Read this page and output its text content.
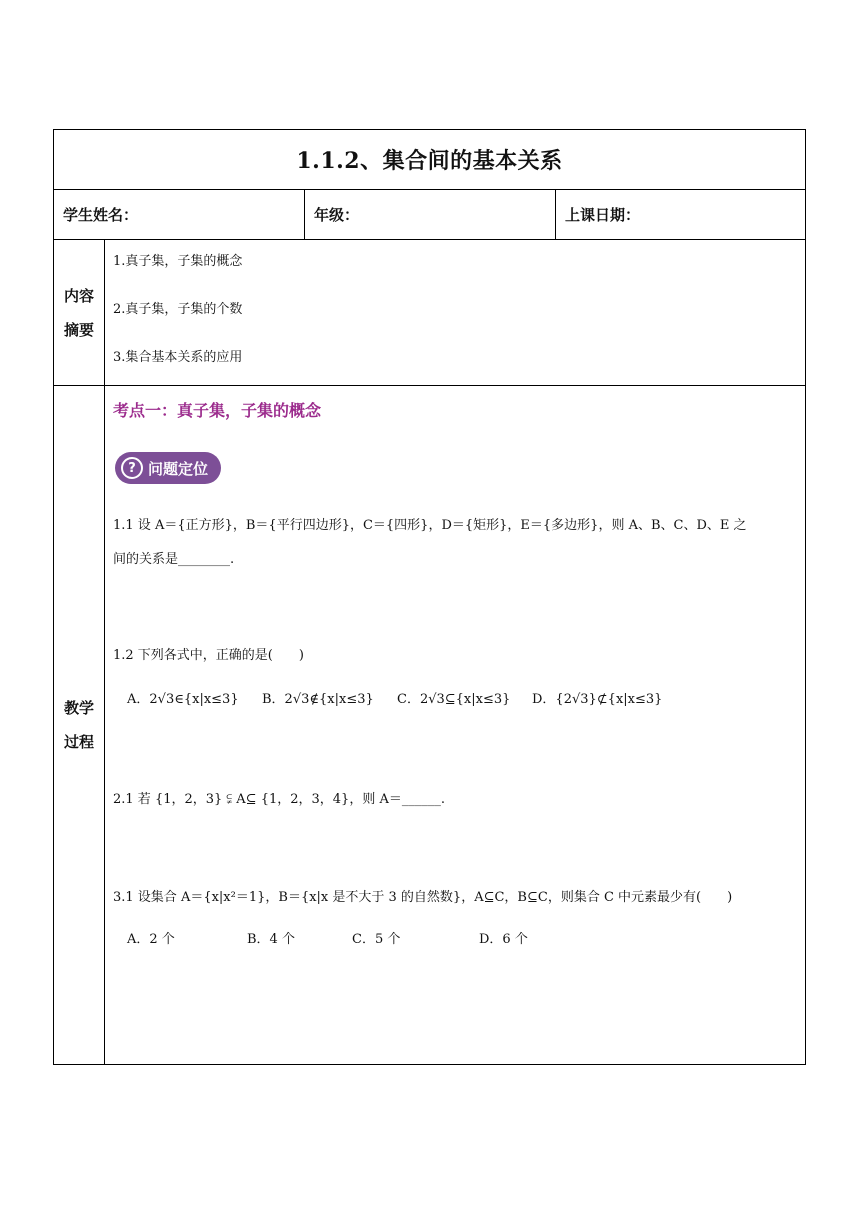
1.1.2、集合间的基本关系
学生姓名：	年级：	上课日期：
内容
摘要
1.真子集，子集的概念
2.真子集，子集的个数
3.集合基本关系的应用
教学
过程
考点一：真子集，子集的概念
? 问题定位
1.1 设 A＝{正方形}，B＝{平行四边形}，C＝{四形}，D＝{矩形}，E＝{多边形}，则 A、B、C、D、E 之
间的关系是________.
1.2 下列各式中，正确的是(　　)
A．2√3∈{x|x≤3} B．2√3∉{x|x≤3} C．2√3⊆{x|x≤3} D．{2√3}⊄{x|x≤3}
2.1 若 {1，2，3} ⫋ A⊆ {1，2，3，4}，则 A＝______.
3.1 设集合 A＝{x|x²＝1}，B＝{x|x 是不大于 3 的自然数}，A⊆C，B⊆C，则集合 C 中元素最少有(　　)
A．2 个	B．4 个	C．5 个	D．6 个
